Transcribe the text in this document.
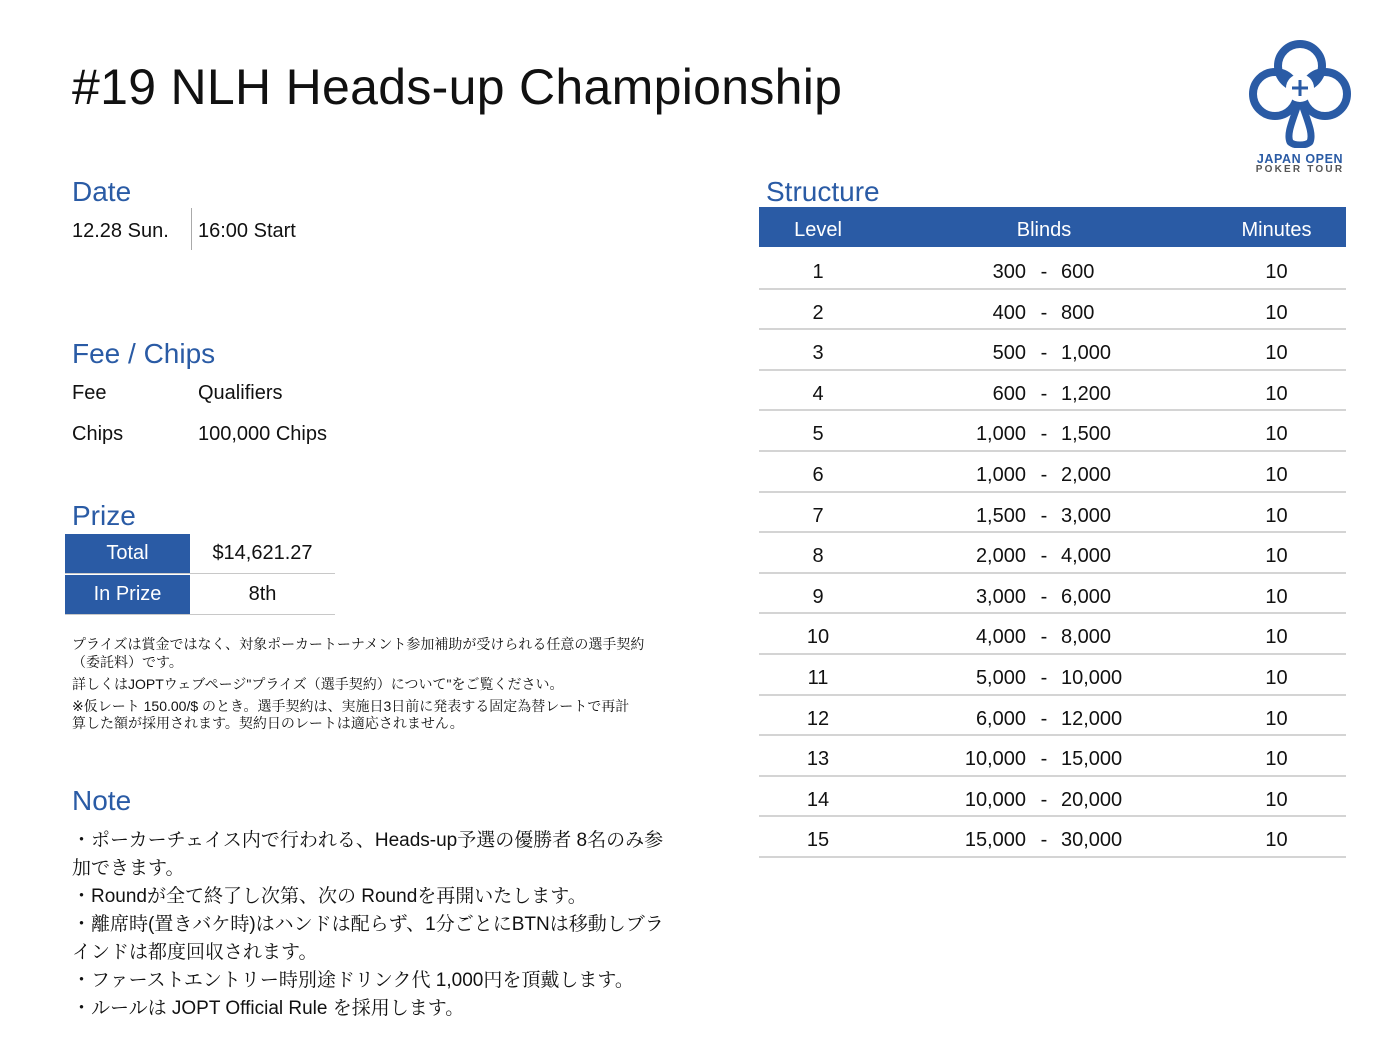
#19 NLH Heads-up Championship
JAPAN OPEN
POKER TOUR
Date
12.28 Sun. 16:00 Start
Fee / Chips
Fee	Qualifiers
Chips	100,000 Chips
Prize
Total	$14,621.27
In Prize	8th
プライズは賞金ではなく、対象ポーカートーナメント参加補助が受けられる任意の選手契約
（委託料）です。
詳しくはJOPTウェブページ"プライズ（選手契約）について"をご覧ください。
※仮レート 150.00/$ のとき。選手契約は、実施日3日前に発表する固定為替レートで再計
算した額が採用されます。契約日のレートは適応されません。
Note
・ポーカーチェイス内で行われる、Heads-up予選の優勝者 8名のみ参
加できます。
・Roundが全て終了し次第、次の Roundを再開いたします。
・離席時(置きバケ時)はハンドは配らず、1分ごとにBTNは移動しブラ
インドは都度回収されます。
・ファーストエントリー時別途ドリンク代 1,000円を頂戴します。
・ルールは JOPT Official Rule を採用します。
Structure
Level	Blinds	Minutes
1	300 - 600	10
2	400 - 800	10
3	500 - 1,000	10
4	600 - 1,200	10
5	1,000 - 1,500	10
6	1,000 - 2,000	10
7	1,500 - 3,000	10
8	2,000 - 4,000	10
9	3,000 - 6,000	10
10	4,000 - 8,000	10
11	5,000 - 10,000	10
12	6,000 - 12,000	10
13	10,000 - 15,000	10
14	10,000 - 20,000	10
15	15,000 - 30,000	10
